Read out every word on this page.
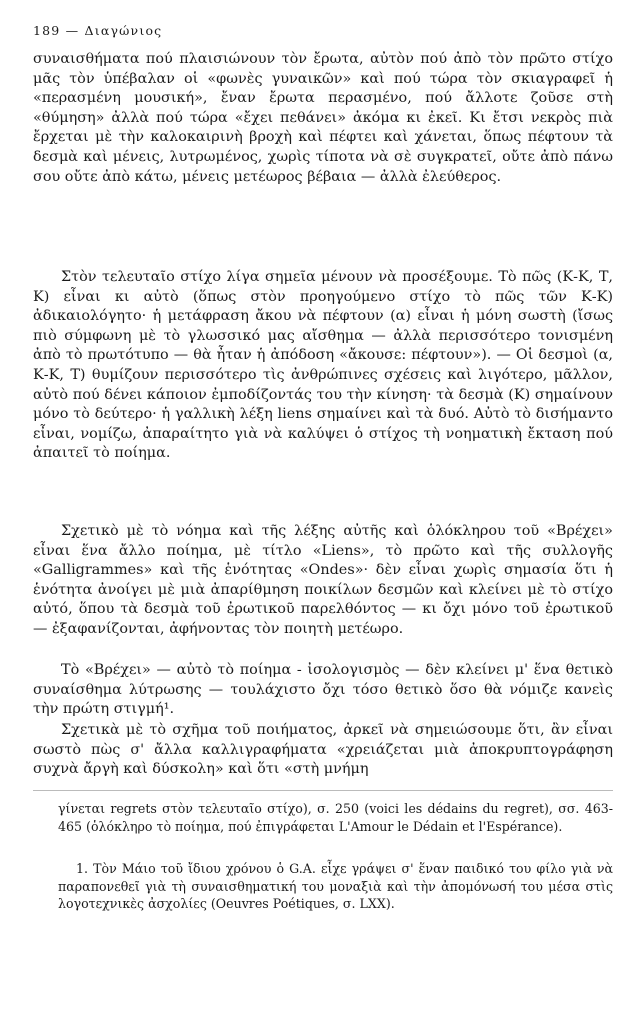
189 — Διαγώνιος

συναισθήματα πού πλαισιώνουν τὸν ἔρωτα, αὐτὸν πού ἀπὸ τὸν πρῶτο στίχο μᾶς τὸν ὑπέβαλαν οἱ «φωνὲς γυναικῶν» καὶ πού τώρα τὸν σκιαγραφεῖ ἡ «περασμένη μουσική», ἔναν ἔρωτα περασμένο, πού ἄλλοτε ζοῦσε στὴ «θύμηση» ἀλλὰ πού τώρα «ἔχει πεθάνει» ἀκόμα κι ἐκεῖ. Κι ἔτσι νεκρὸς πιὰ ἔρχεται μὲ τὴν καλοκαιρινὴ βροχὴ καὶ πέφτει καὶ χάνεται, ὅπως πέφτουν τὰ δεσμὰ καὶ μένεις, λυτρωμένος, χωρὶς τίποτα νὰ σὲ συγκρατεῖ, οὔτε ἀπὸ πάνω σου οὔτε ἀπὸ κάτω, μένεις μετέωρος βέβαια — ἀλλὰ ἐλεύθερος.

Στὸν τελευταῖο στίχο λίγα σημεῖα μένουν νὰ προσέξουμε. Τὸ πῶς (Κ-Κ, Τ, Κ) εἶναι κι αὐτὸ (ὅπως στὸν προηγούμενο στίχο τὸ πῶς τῶν Κ-Κ) ἀδικαιολόγητο· ἡ μετάφραση ἄκου νὰ πέφτουν (α) εἶναι ἡ μόνη σωστὴ (ἴσως πιὸ σύμφωνη μὲ τὸ γλωσσικό μας αἴσθημα — ἀλλὰ περισσότερο τονισμένη ἀπὸ τὸ πρωτότυπο — θὰ ἦταν ἡ ἀπόδοση «ἄκουσε: πέφτουν»). — Οἱ δεσμοὶ (α, Κ-Κ, Τ) θυμίζουν περισσότερο τὶς ἀνθρώπινες σχέσεις καὶ λιγότερο, μᾶλλον, αὐτὸ πού δένει κάποιον ἐμποδίζοντάς του τὴν κίνηση· τὰ δεσμὰ (Κ) σημαίνουν μόνο τὸ δεύτερο· ἡ γαλλικὴ λέξη liens σημαίνει καὶ τὰ δυό. Αὐτὸ τὸ δισήμαντο εἶναι, νομίζω, ἀπαραίτητο γιὰ νὰ καλύψει ὁ στίχος τὴ νοηματικὴ ἔκταση πού ἀπαιτεῖ τὸ ποίημα.

Σχετικὸ μὲ τὸ νόημα καὶ τῆς λέξης αὐτῆς καὶ ὁλόκληρου τοῦ «Βρέχει» εἶναι ἕνα ἄλλο ποίημα, μὲ τίτλο «Liens», τὸ πρῶτο καὶ τῆς συλλογῆς «Galligrammes» καὶ τῆς ἑνότητας «Ondes»· δὲν εἶναι χωρὶς σημασία ὅτι ἡ ἑνότητα ἀνοίγει μὲ μιὰ ἀπαρίθμηση ποικίλων δεσμῶν καὶ κλείνει μὲ τὸ στίχο αὐτό, ὅπου τὰ δεσμὰ τοῦ ἐρωτικοῦ παρελθόντος — κι ὄχι μόνο τοῦ ἐρωτικοῦ — ἐξαφανίζονται, ἀφήνοντας τὸν ποιητὴ μετέωρο.

Τὸ «Βρέχει» — αὐτὸ τὸ ποίημα - ἰσολογισμὸς — δὲν κλείνει μ' ἕνα θετικὸ συναίσθημα λύτρωσης — τουλάχιστο ὄχι τόσο θετικὸ ὅσο θὰ νόμιζε κανεὶς τὴν πρώτη στιγμή¹.

Σχετικὰ μὲ τὸ σχῆμα τοῦ ποιήματος, ἀρκεῖ νὰ σημειώσουμε ὅτι, ἂν εἶναι σωστὸ πὼς σ' ἄλλα καλλιγραφήματα «χρειάζεται μιὰ ἀποκρυπτογράφηση συχνὰ ἄργὴ καὶ δύσκολη» καὶ ὅτι «στὴ μνήμη

γίνεται regrets στὸν τελευταῖο στίχο), σ. 250 (voici les dédains du regret), σσ. 463-465 (ὁλόκληρο τὸ ποίημα, πού ἐπιγράφεται L'Amour le Dédain et l'Espérance).
1. Τὸν Μάιο τοῦ ἴδιου χρόνου ὁ G.A. εἶχε γράψει σ' ἕναν παιδικό του φίλο γιὰ νὰ παραπονεθεῖ γιὰ τὴ συναισθηματική του μοναξιὰ καὶ τὴν ἀπομόνωσή του μέσα στὶς λογοτεχνικὲς ἀσχολίες (Oeuvres Poétiques, σ. LXX).
